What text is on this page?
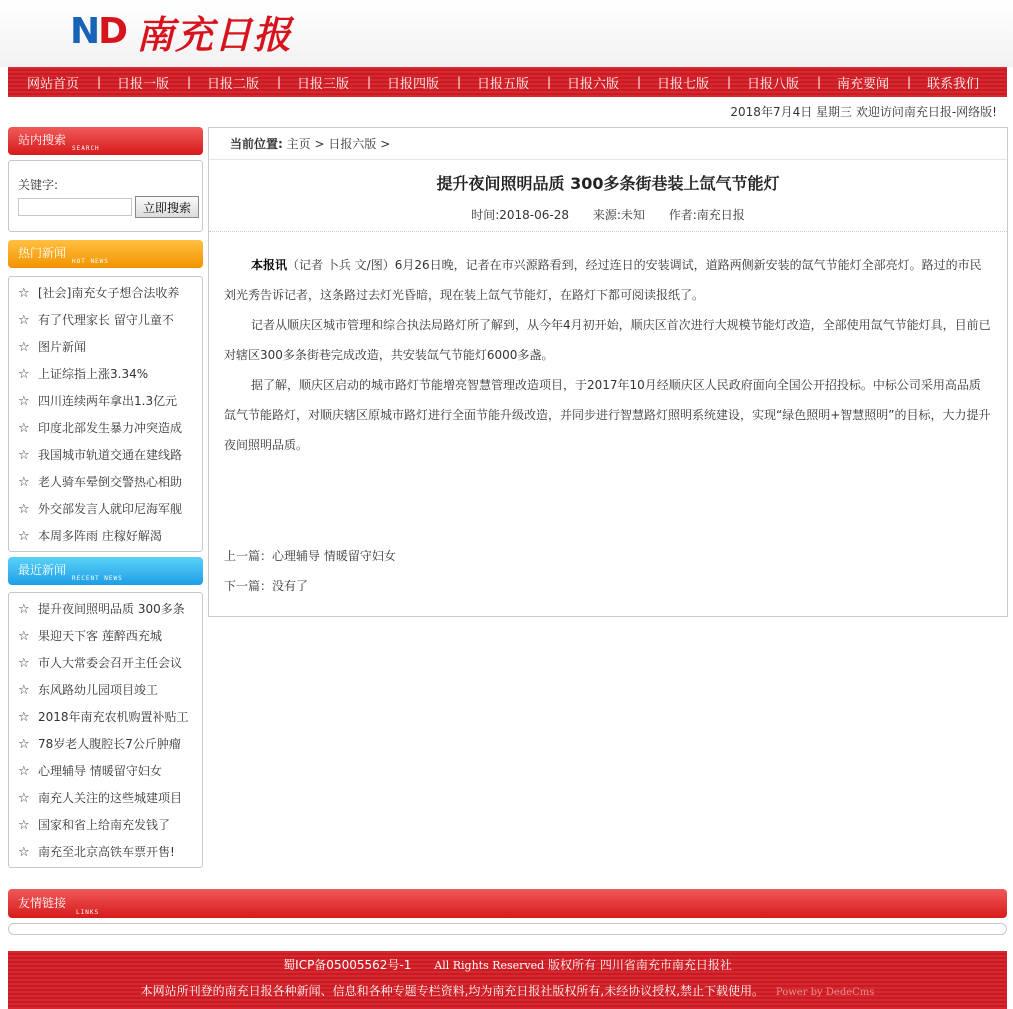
N D 南充日报
网站首页	|	日报一版	|	日报二版	|	日报三版	|	日报四版	|	日报五版	|	日报六版	|	日报七版	|	日报八版	|	南充要闻	|	联系我们
2018年7月4日 星期三 欢迎访问南充日报-网络版!
站内搜索
SEARCH
关键字:
立即搜索
热门新闻
HOT NEWS
☆ [社会]南充女子想合法收养
☆ 有了代理家长 留守儿童不
☆ 图片新闻
☆ 上证综指上涨3.34%
☆ 四川连续两年拿出1.3亿元
☆ 印度北部发生暴力冲突造成
☆ 我国城市轨道交通在建线路
☆ 老人骑车晕倒交警热心相助
☆ 外交部发言人就印尼海军舰
☆ 本周多阵雨 庄稼好解渴
最近新闻
RECENT NEWS
☆ 提升夜间照明品质 300多条
☆ 果迎天下客 莲醉西充城
☆ 市人大常委会召开主任会议
☆ 东风路幼儿园项目竣工
☆ 2018年南充农机购置补贴工
☆ 78岁老人腹腔长7公斤肿瘤
☆ 心理辅导 情暖留守妇女
☆ 南充人关注的这些城建项目
☆ 国家和省上给南充发钱了
☆ 南充至北京高铁车票开售!
当前位置: 主页 > 日报六版 >
提升夜间照明品质 300多条街巷装上氙气节能灯
时间:2018-06-28 来源:未知 作者:南充日报

本报讯（记者 卜兵 文/图）6月26日晚，记者在市兴源路看到，经过连日的安装调试，道路两侧新安装的氙气节能灯全部亮灯。路过的市民刘光秀告诉记者，这条路过去灯光昏暗，现在装上氙气节能灯，在路灯下都可阅读报纸了。

记者从顺庆区城市管理和综合执法局路灯所了解到，从今年4月初开始，顺庆区首次进行大规模节能灯改造，全部使用氙气节能灯具，目前已对辖区300多条街巷完成改造，共安装氙气节能灯6000多盏。

据了解，顺庆区启动的城市路灯节能增亮智慧管理改造项目，于2017年10月经顺庆区人民政府面向全国公开招投标。中标公司采用高品质氙气节能路灯，对顺庆辖区原城市路灯进行全面节能升级改造，并同步进行智慧路灯照明系统建设，实现“绿色照明+智慧照明”的目标，大力提升夜间照明品质。

上一篇：心理辅导 情暖留守妇女
下一篇：没有了
友情链接
LINKS
蜀ICP备05005562号-1 All Rights Reserved 版权所有 四川省南充市南充日报社
本网站所刊登的南充日报各种新闻、信息和各种专题专栏资料,均为南充日报社版权所有,未经协议授权,禁止下载使用。 Power by DedeCms
